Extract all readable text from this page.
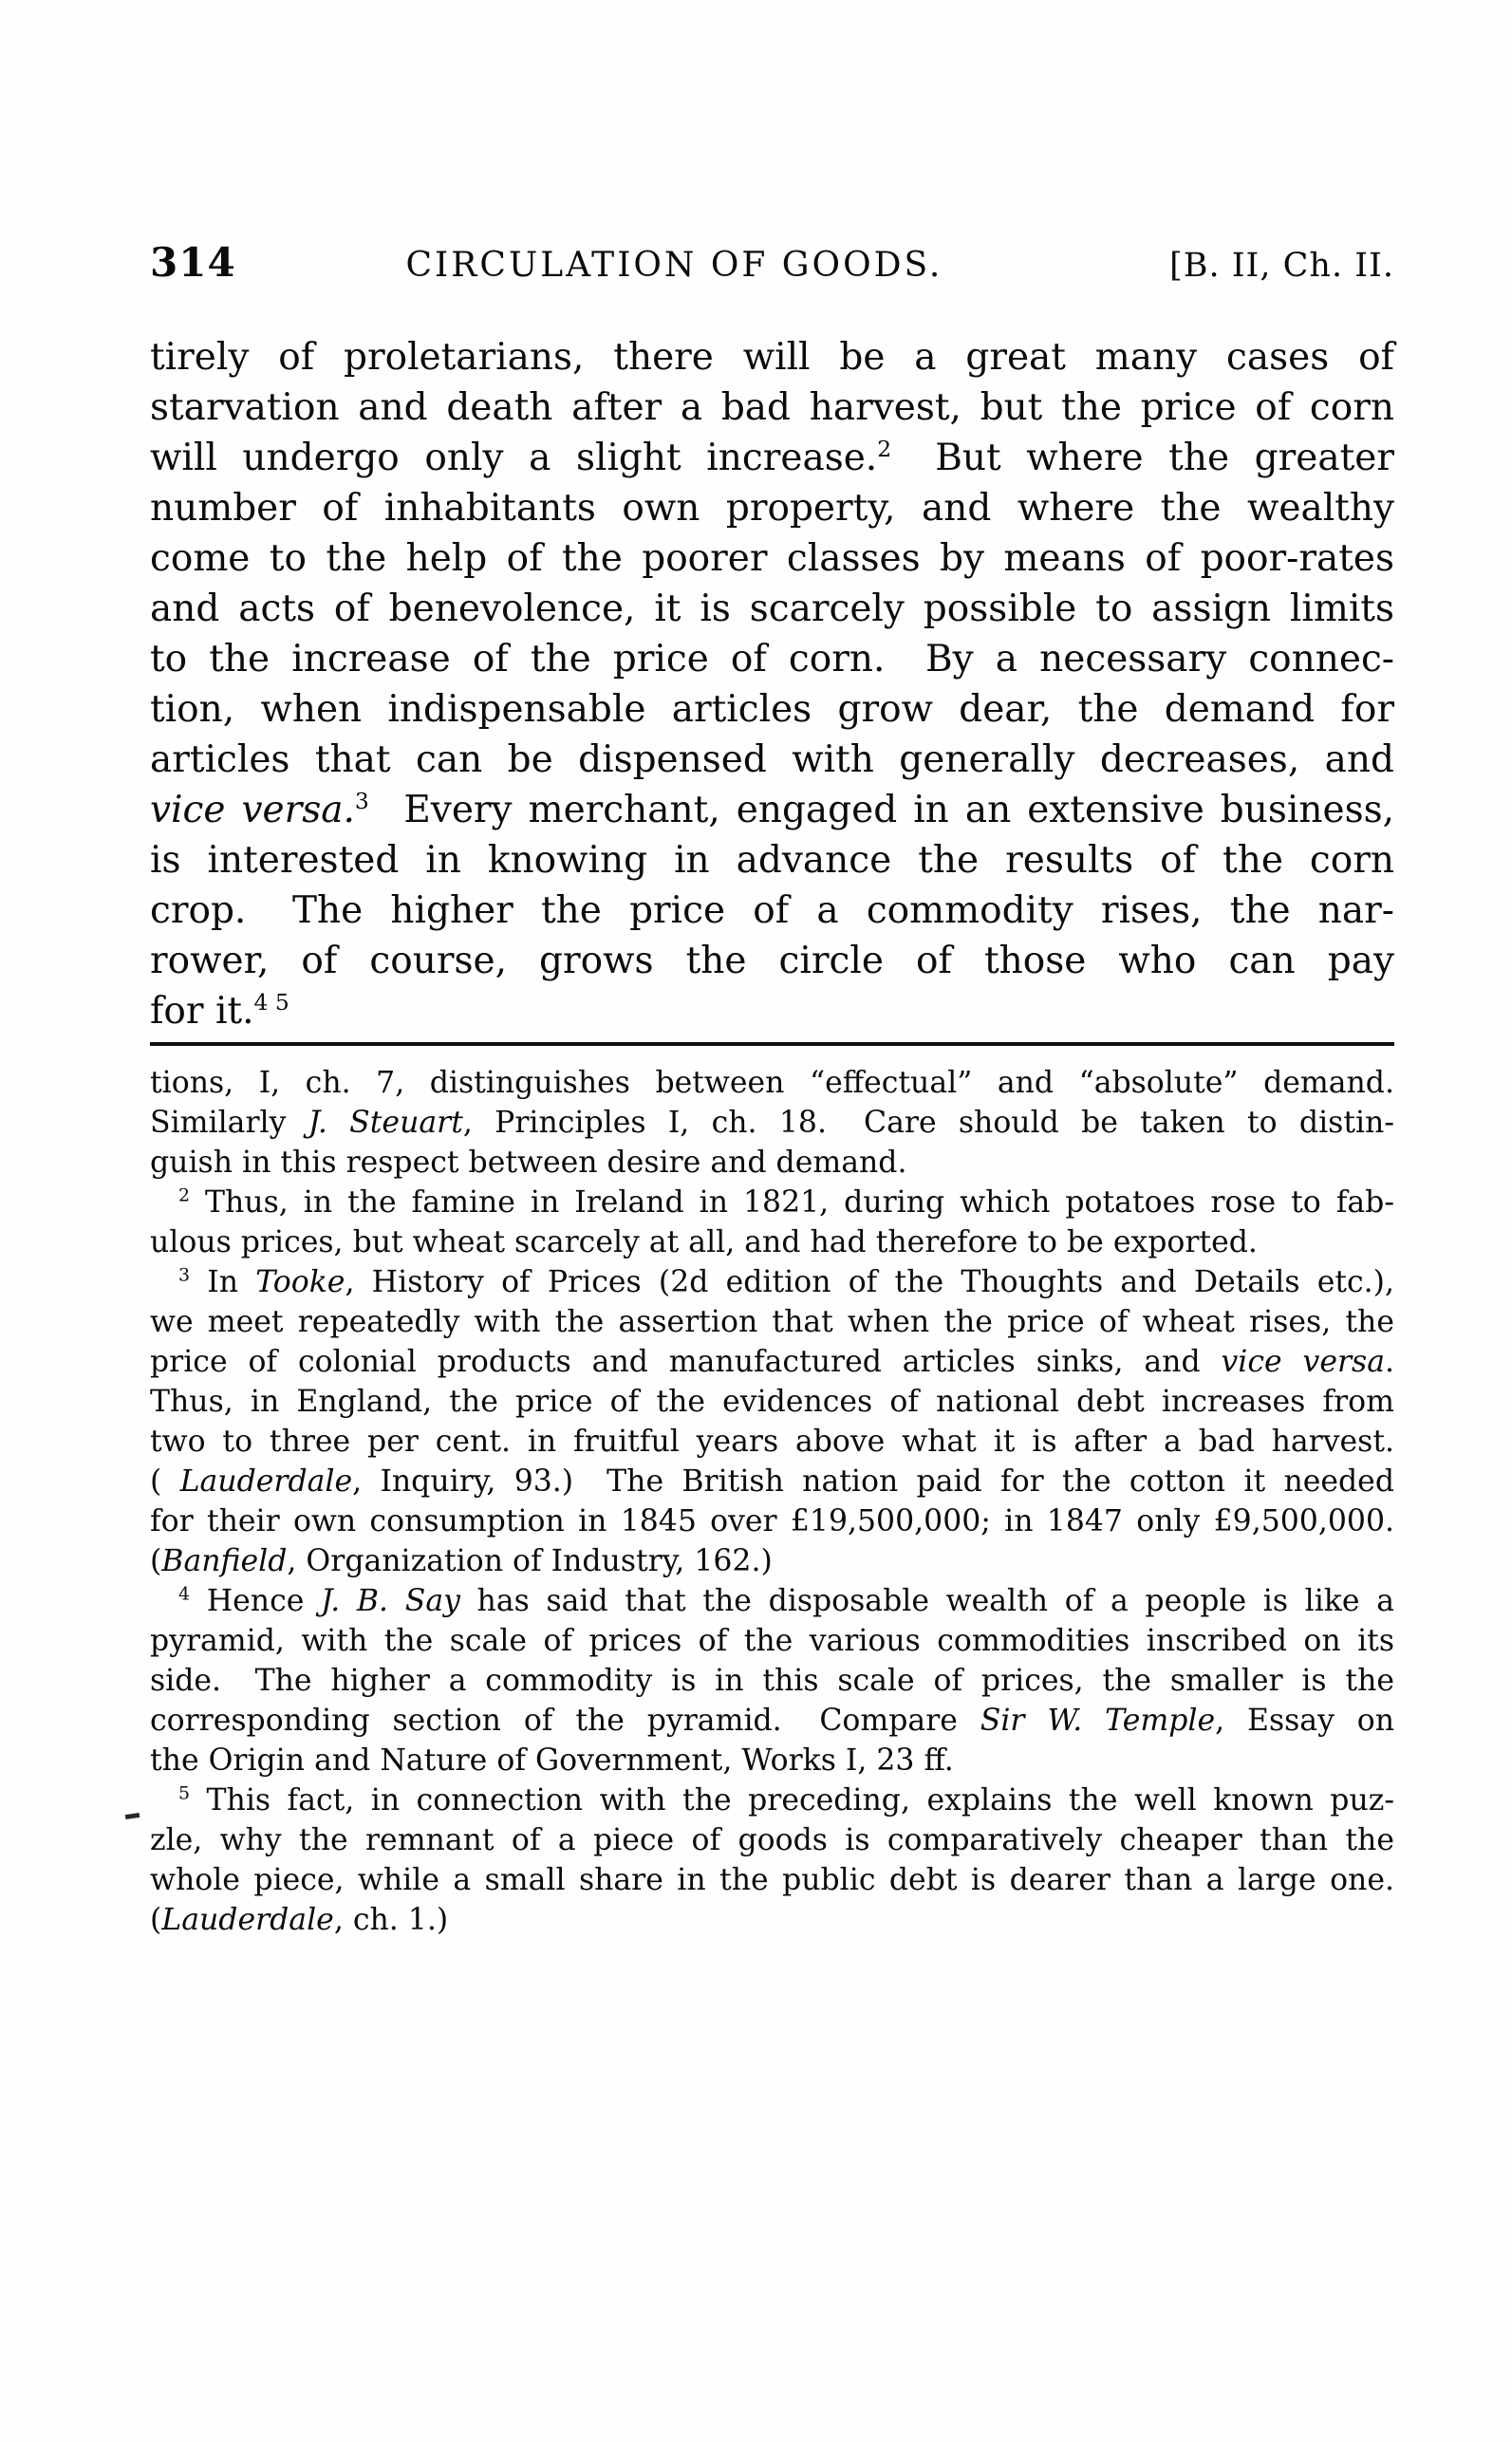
314	CIRCULATION OF GOODS.	[B. II, Ch. II.
tirely of proletarians, there will be a great many cases of
starvation and death after a bad harvest, but the price of corn
will undergo only a slight increase.$^2$  But where the greater
number of inhabitants own property, and where the wealthy
come to the help of the poorer classes by means of poor-rates
and acts of benevolence, it is scarcely possible to assign limits
to the increase of the price of corn.  By a necessary connec-
tion, when indispensable articles grow dear, the demand for
articles that can be dispensed with generally decreases, and
vice versa.$^3$  Every merchant, engaged in an extensive business,
is interested in knowing in advance the results of the corn
crop.  The higher the price of a commodity rises, the nar-
rower, of course, grows the circle of those who can pay
for it.$^{4 5}$
tions, I, ch. 7, distinguishes between “effectual” and “absolute” demand.
Similarly J. Steuart, Principles I, ch. 18.  Care should be taken to distin-
guish in this respect between desire and demand.
$^2$ Thus, in the famine in Ireland in 1821, during which potatoes rose to fab-
ulous prices, but wheat scarcely at all, and had therefore to be exported.
$^3$ In Tooke, History of Prices (2d edition of the Thoughts and Details etc.),
we meet repeatedly with the assertion that when the price of wheat rises, the
price of colonial products and manufactured articles sinks, and vice versa.
Thus, in England, the price of the evidences of national debt increases from
two to three per cent. in fruitful years above what it is after a bad harvest.
( Lauderdale, Inquiry, 93.)  The British nation paid for the cotton it needed
for their own consumption in 1845 over £19,500,000; in 1847 only £9,500,000.
(Banfield, Organization of Industry, 162.)
$^4$ Hence J. B. Say has said that the disposable wealth of a people is like a
pyramid, with the scale of prices of the various commodities inscribed on its
side.  The higher a commodity is in this scale of prices, the smaller is the
corresponding section of the pyramid.  Compare Sir W. Temple, Essay on
the Origin and Nature of Government, Works I, 23 ff.
$^5$ This fact, in connection with the preceding, explains the well known puz-
zle, why the remnant of a piece of goods is comparatively cheaper than the
whole piece, while a small share in the public debt is dearer than a large one.
(Lauderdale, ch. 1.)
